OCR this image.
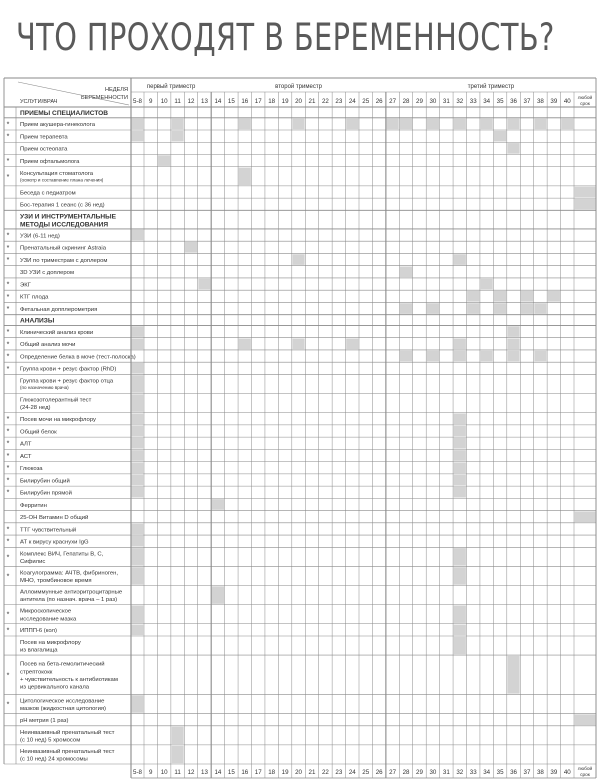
ЧТО ПРОХОДЯТ В БЕРЕМЕННОСТЬ?
УСЛУГИ/ВРАЧ
НЕДЕЛЯ
БЕРЕМЕННОСТИ
первый триместр	второй триместр	третий триместр
5-8 9 10 11 12 13 14 15 16 17 18 19 20 21 22 23 24 25 26 27 28 29 30 31 32 33 34 35 36 37 38 39 40 любой
срок
ПРИЕМЫ СПЕЦИАЛИСТОВ
* Прием акушера-гинеколога
* Прием терапевта
Прием остеопата
* Прием офтальмолога
* Консультация стоматолога
(осмотр и составление плана лечения)
Беседа с педиатром
Бос-терапия 1 сеанс (с 36 нед)
УЗИ И ИНСТРУМЕНТАЛЬНЫЕ
МЕТОДЫ ИССЛЕДОВАНИЯ
* УЗИ (6-11 нед)
* Пренатальный скрининг Astraia
* УЗИ по триместрам с доплером
3D УЗИ с доплером
* ЭКГ
* КТГ плода
* Фетальная допплерометрия
АНАЛИЗЫ
* Клинический анализ крови
* Общий анализ мочи
* Определение белка в моче (тест-полоска)
* Группа крови + резус фактор (RhD)
Группа крови + резус фактор отца
(по назначению врача)
Глюкозотолерантный тест
(24-28 нед)
* Посев мочи на микрофлору
* Общий белок
* АЛТ
* АСТ
* Глюкоза
* Билирубин общий
* Билирубин прямой
Ферритин
25-ОН Витамин D общий
* ТТГ чувствительный
* АТ к вирусу краснухи IgG
* Комплекс ВИЧ, Гепатиты В, С,
Сифилис
* Коагулограмма: АЧТВ, фибриноген,
МНО, тромбиновое время
Аллоиммунные антиэритроцитарные
антитела (по назнач. врача – 1 раз)
* Микроскопическое
исследование мазка
* ИППП-6 (кол)
Посев на микрофлору
из влагалища
*
Посев на бета-гемолитический
стрептококк
+ чувствительность к антибиотикам
из цервикального канала
* Цитологическое исследование
мазков (жидкостная цитология)
pH метрия (1 раз)
Неинвазивный пренатальный тест
(с 10 нед) 5 хромосом
Неинвазивный пренатальный тест
(с 10 нед) 24 хромосомы
5-8 9 10 11 12 13 14 15 16 17 18 19 20 21 22 23 24 25 26 27 28 29 30 31 32 33 34 35 36 37 38 39 40 любой
срок
